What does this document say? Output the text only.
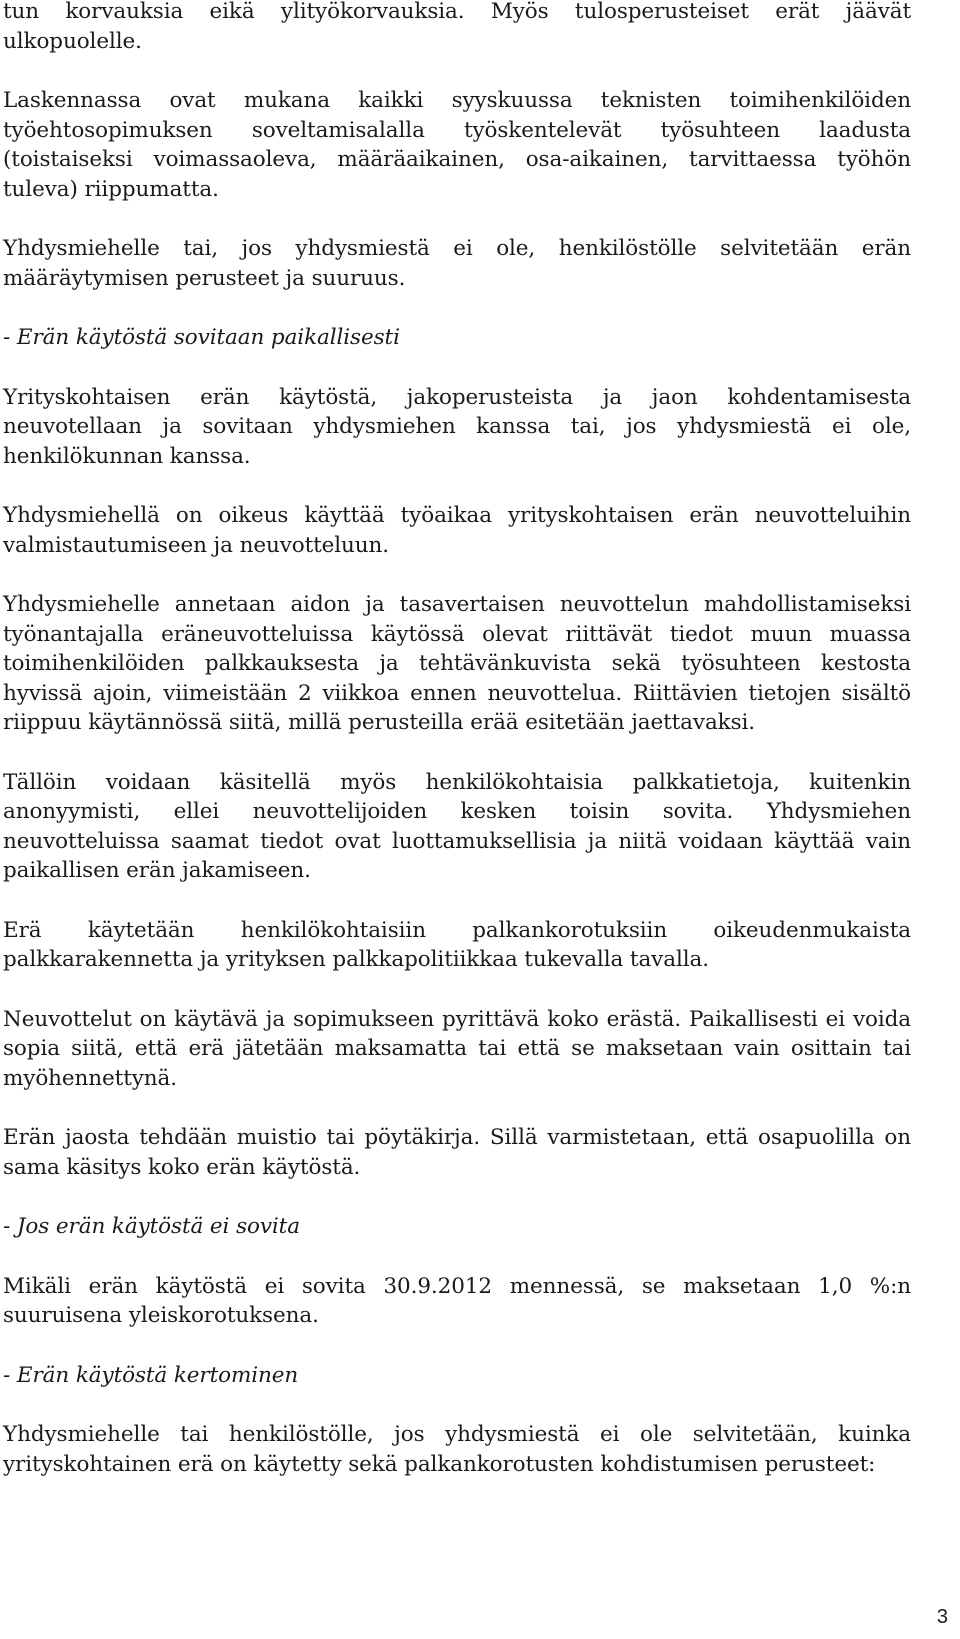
tun korvauksia eikä ylityökorvauksia. Myös tulosperusteiset erät jäävät ulkopuolelle.

Laskennassa ovat mukana kaikki syyskuussa teknisten toimihenkilöiden työehtosopimuksen soveltamisalalla työskentelevät työsuhteen laadusta (toistaiseksi voimassaoleva, määräaikainen, osa-aikainen, tarvittaessa työhön tuleva) riippumatta.

Yhdysmiehelle tai, jos yhdysmiestä ei ole, henkilöstölle selvitetään erän määräytymisen perusteet ja suuruus.

- Erän käytöstä sovitaan paikallisesti

Yrityskohtaisen erän käytöstä, jakoperusteista ja jaon kohdentamisesta neuvotellaan ja sovitaan yhdysmiehen kanssa tai, jos yhdysmiestä ei ole, henkilökunnan kanssa.

Yhdysmiehellä on oikeus käyttää työaikaa yrityskohtaisen erän neuvotteluihin valmistautumiseen ja neuvotteluun.

Yhdysmiehelle annetaan aidon ja tasavertaisen neuvottelun mahdollistamiseksi työnantajalla eräneuvotteluissa käytössä olevat riittävät tiedot muun muassa toimihenkilöiden palkkauksesta ja tehtävänkuvista sekä työsuhteen kestosta hyvissä ajoin, viimeistään 2 viikkoa ennen neuvottelua. Riittävien tietojen sisältö riippuu käytännössä siitä, millä perusteilla erää esitetään jaettavaksi.

Tällöin voidaan käsitellä myös henkilökohtaisia palkkatietoja, kuitenkin anonyymisti, ellei neuvottelijoiden kesken toisin sovita. Yhdysmiehen neuvotteluissa saamat tiedot ovat luottamuksellisia ja niitä voidaan käyttää vain paikallisen erän jakamiseen.

Erä käytetään henkilökohtaisiin palkankorotuksiin oikeudenmukaista palkkarakennetta ja yrityksen palkkapolitiikkaa tukevalla tavalla.

Neuvottelut on käytävä ja sopimukseen pyrittävä koko erästä. Paikallisesti ei voida sopia siitä, että erä jätetään maksamatta tai että se maksetaan vain osittain tai myöhennettynä.

Erän jaosta tehdään muistio tai pöytäkirja. Sillä varmistetaan, että osapuolilla on sama käsitys koko erän käytöstä.

- Jos erän käytöstä ei sovita

Mikäli erän käytöstä ei sovita 30.9.2012 mennessä, se maksetaan 1,0 %:n suuruisena yleiskorotuksena.

- Erän käytöstä kertominen

Yhdysmiehelle tai henkilöstölle, jos yhdysmiestä ei ole selvitetään, kuinka yrityskohtainen erä on käytetty sekä palkankorotusten kohdistumisen perusteet:

3
